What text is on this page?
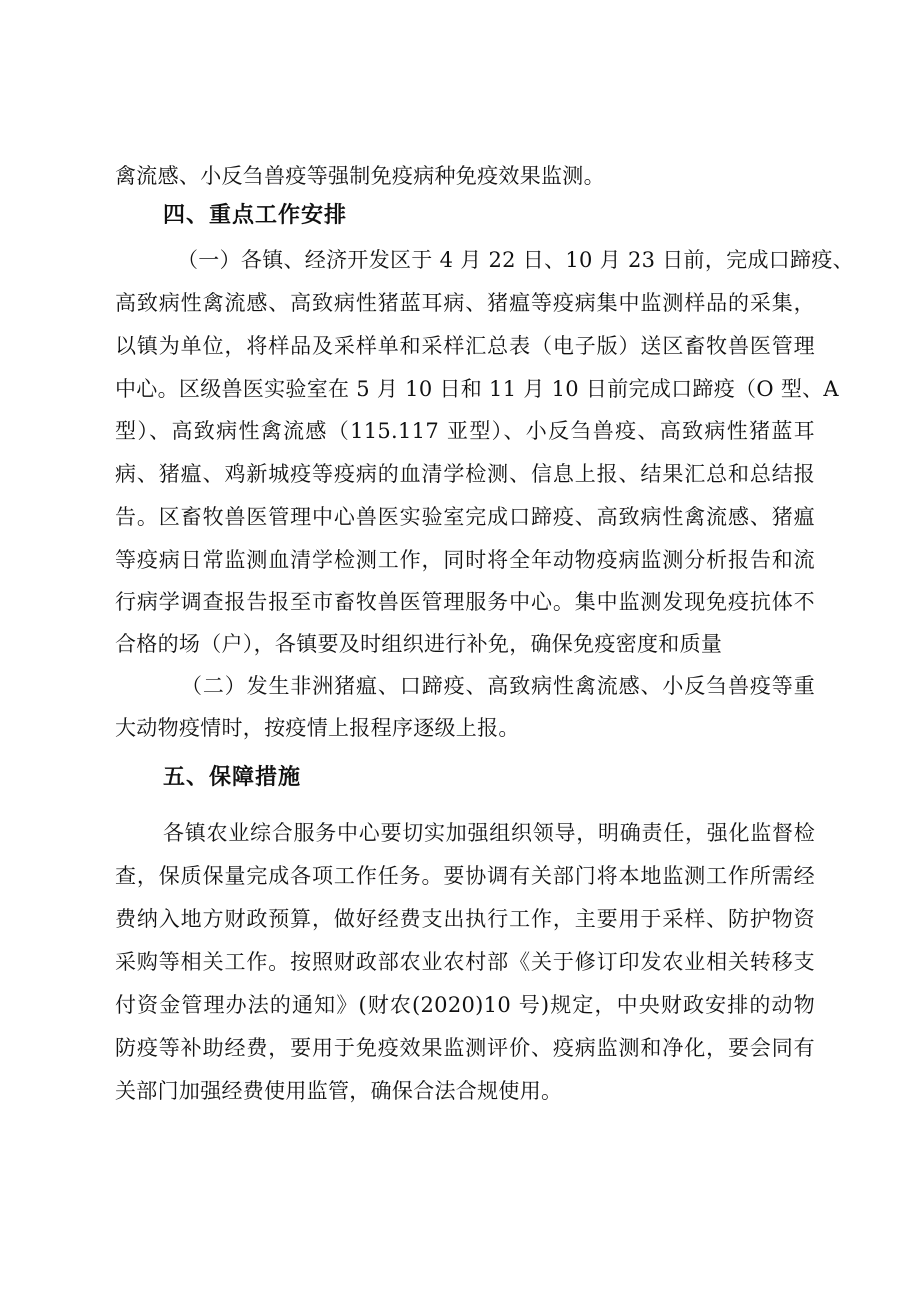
禽流感、小反刍兽疫等强制免疫病种免疫效果监测。
四、重点工作安排
（一）各镇、经济开发区于 4 月 22 日、10 月 23 日前，完成口蹄疫、
高致病性禽流感、高致病性猪蓝耳病、猪瘟等疫病集中监测样品的采集，
以镇为单位，将样品及采样单和采样汇总表（电子版）送区畜牧兽医管理
中心。区级兽医实验室在 5 月 10 日和 11 月 10 日前完成口蹄疫（O 型、A
型）、高致病性禽流感（115.117 亚型）、小反刍兽疫、高致病性猪蓝耳
病、猪瘟、鸡新城疫等疫病的血清学检测、信息上报、结果汇总和总结报
告。区畜牧兽医管理中心兽医实验室完成口蹄疫、高致病性禽流感、猪瘟
等疫病日常监测血清学检测工作，同时将全年动物疫病监测分析报告和流
行病学调查报告报至市畜牧兽医管理服务中心。集中监测发现免疫抗体不
合格的场（户），各镇要及时组织进行补免，确保免疫密度和质量
（二）发生非洲猪瘟、口蹄疫、高致病性禽流感、小反刍兽疫等重
大动物疫情时，按疫情上报程序逐级上报。
五、保障措施
各镇农业综合服务中心要切实加强组织领导，明确责任，强化监督检
查，保质保量完成各项工作任务。要协调有关部门将本地监测工作所需经
费纳入地方财政预算，做好经费支出执行工作，主要用于采样、防护物资
采购等相关工作。按照财政部农业农村部《关于修订印发农业相关转移支
付资金管理办法的通知》(财农(2020)10 号)规定，中央财政安排的动物
防疫等补助经费，要用于免疫效果监测评价、疫病监测和净化，要会同有
关部门加强经费使用监管，确保合法合规使用。
